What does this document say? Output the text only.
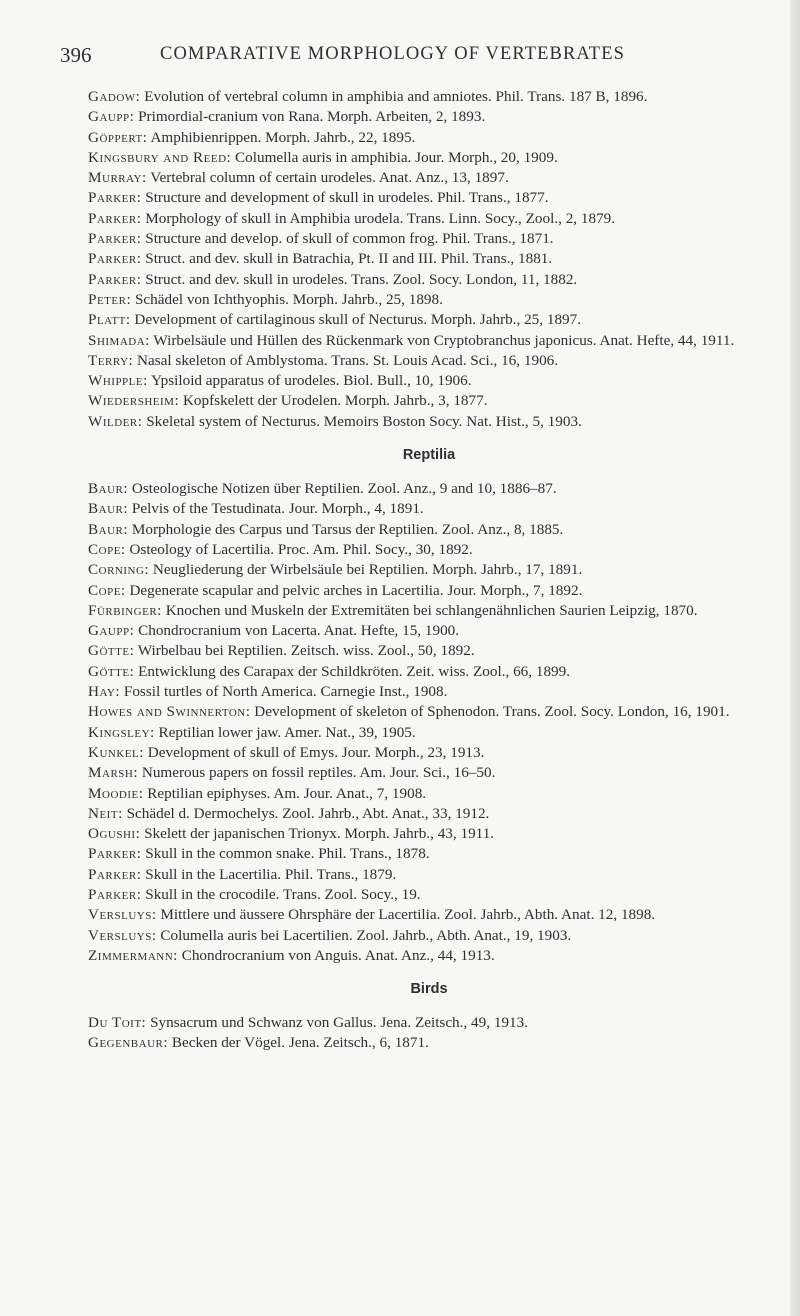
396	COMPARATIVE MORPHOLOGY OF VERTEBRATES

Gadow: Evolution of vertebral column in amphibia and amniotes. Phil. Trans. 187 B, 1896.

Gaupp: Primordial-cranium von Rana. Morph. Arbeiten, 2, 1893.

Göppert: Amphibienrippen. Morph. Jahrb., 22, 1895.

Kingsbury and Reed: Columella auris in amphibia. Jour. Morph., 20, 1909.

Murray: Vertebral column of certain urodeles. Anat. Anz., 13, 1897.

Parker: Structure and development of skull in urodeles. Phil. Trans., 1877.

Parker: Morphology of skull in Amphibia urodela. Trans. Linn. Socy., Zool., 2, 1879.

Parker: Structure and develop. of skull of common frog. Phil. Trans., 1871.

Parker: Struct. and dev. skull in Batrachia, Pt. II and III. Phil. Trans., 1881.

Parker: Struct. and dev. skull in urodeles. Trans. Zool. Socy. London, 11, 1882.

Peter: Schädel von Ichthyophis. Morph. Jahrb., 25, 1898.

Platt: Development of cartilaginous skull of Necturus. Morph. Jahrb., 25, 1897.

Shimada: Wirbelsäule und Hüllen des Rückenmark von Cryptobranchus japonicus. Anat. Hefte, 44, 1911.

Terry: Nasal skeleton of Amblystoma. Trans. St. Louis Acad. Sci., 16, 1906.

Whipple: Ypsiloid apparatus of urodeles. Biol. Bull., 10, 1906.

Wiedersheim: Kopfskelett der Urodelen. Morph. Jahrb., 3, 1877.

Wilder: Skeletal system of Necturus. Memoirs Boston Socy. Nat. Hist., 5, 1903.

Reptilia

Baur: Osteologische Notizen über Reptilien. Zool. Anz., 9 and 10, 1886–87.

Baur: Pelvis of the Testudinata. Jour. Morph., 4, 1891.

Baur: Morphologie des Carpus und Tarsus der Reptilien. Zool. Anz., 8, 1885.

Cope: Osteology of Lacertilia. Proc. Am. Phil. Socy., 30, 1892.

Corning: Neugliederung der Wirbelsäule bei Reptilien. Morph. Jahrb., 17, 1891.

Cope: Degenerate scapular and pelvic arches in Lacertilia. Jour. Morph., 7, 1892.

Fürbinger: Knochen und Muskeln der Extremitäten bei schlangenähnlichen Saurien Leipzig, 1870.

Gaupp: Chondrocranium von Lacerta. Anat. Hefte, 15, 1900.

Götte: Wirbelbau bei Reptilien. Zeitsch. wiss. Zool., 50, 1892.

Götte: Entwicklung des Carapax der Schildkröten. Zeit. wiss. Zool., 66, 1899.

Hay: Fossil turtles of North America. Carnegie Inst., 1908.

Howes and Swinnerton: Development of skeleton of Sphenodon. Trans. Zool. Socy. London, 16, 1901.

Kingsley: Reptilian lower jaw. Amer. Nat., 39, 1905.

Kunkel: Development of skull of Emys. Jour. Morph., 23, 1913.

Marsh: Numerous papers on fossil reptiles. Am. Jour. Sci., 16–50.

Moodie: Reptilian epiphyses. Am. Jour. Anat., 7, 1908.

Neit: Schädel d. Dermochelys. Zool. Jahrb., Abt. Anat., 33, 1912.

Ogushi: Skelett der japanischen Trionyx. Morph. Jahrb., 43, 1911.

Parker: Skull in the common snake. Phil. Trans., 1878.

Parker: Skull in the Lacertilia. Phil. Trans., 1879.

Parker: Skull in the crocodile. Trans. Zool. Socy., 19.

Versluys: Mittlere und äussere Ohrsphäre der Lacertilia. Zool. Jahrb., Abth. Anat. 12, 1898.

Versluys: Columella auris bei Lacertilien. Zool. Jahrb., Abth. Anat., 19, 1903.

Zimmermann: Chondrocranium von Anguis. Anat. Anz., 44, 1913.

Birds

Du Toit: Synsacrum und Schwanz von Gallus. Jena. Zeitsch., 49, 1913.

Gegenbaur: Becken der Vögel. Jena. Zeitsch., 6, 1871.
